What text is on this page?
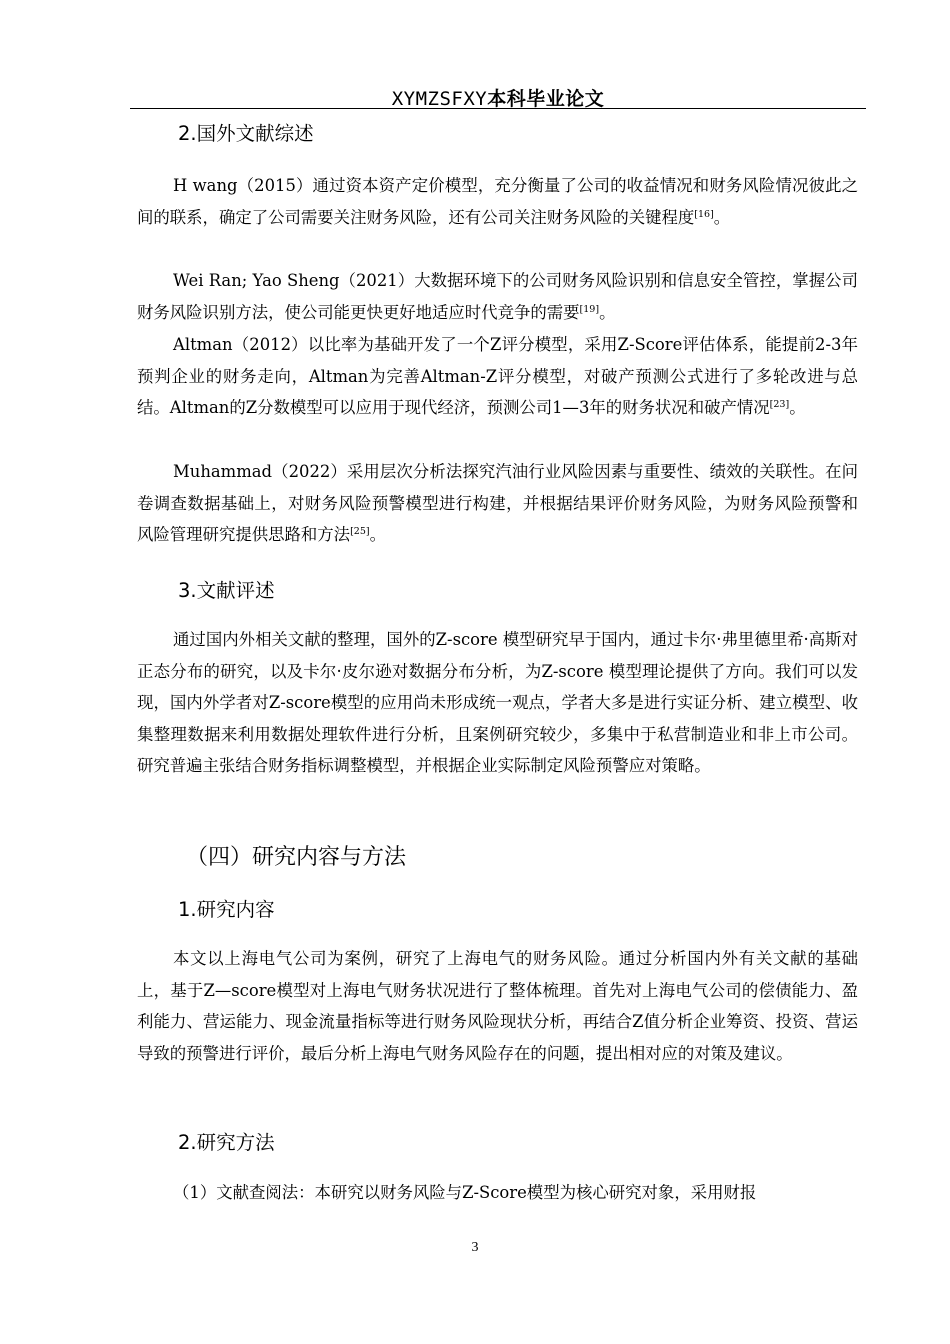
XYMZSFXY本科毕业论文
2.国外文献综述

H wang（2015）通过资本资产定价模型，充分衡量了公司的收益情况和财务风险情况彼此之间的联系，确定了公司需要关注财务风险，还有公司关注财务风险的关键程度[16]。

Wei Ran; Yao Sheng（2021）大数据环境下的公司财务风险识别和信息安全管控，掌握公司财务风险识别方法，使公司能更快更好地适应时代竞争的需要[19]。

Altman（2012）以比率为基础开发了一个Z评分模型，采用Z-Score评估体系，能提前2-3年预判企业的财务走向，Altman为完善Altman-Z评分模型，对破产预测公式进行了多轮改进与总结。Altman的Z分数模型可以应用于现代经济，预测公司1—3年的财务状况和破产情况[23]。

Muhammad（2022）采用层次分析法探究汽油行业风险因素与重要性、绩效的关联性。在问卷调查数据基础上，对财务风险预警模型进行构建，并根据结果评价财务风险，为财务风险预警和风险管理研究提供思路和方法[25]。

3.文献评述

通过国内外相关文献的整理，国外的Z-score 模型研究早于国内，通过卡尔·弗里德里希·高斯对正态分布的研究，以及卡尔·皮尔逊对数据分布分析，为Z-score 模型理论提供了方向。我们可以发现，国内外学者对Z-score模型的应用尚未形成统一观点，学者大多是进行实证分析、建立模型、收集整理数据来利用数据处理软件进行分析，且案例研究较少，多集中于私营制造业和非上市公司。研究普遍主张结合财务指标调整模型，并根据企业实际制定风险预警应对策略。

（四）研究内容与方法
1.研究内容

本文以上海电气公司为案例，研究了上海电气的财务风险。通过分析国内外有关文献的基础上，基于Z—score模型对上海电气财务状况进行了整体梳理。首先对上海电气公司的偿债能力、盈利能力、营运能力、现金流量指标等进行财务风险现状分析，再结合Z值分析企业筹资、投资、营运导致的预警进行评价，最后分析上海电气财务风险存在的问题，提出相对应的对策及建议。

2.研究方法

（1）文献查阅法：本研究以财务风险与Z-Score模型为核心研究对象，采用财报

3
